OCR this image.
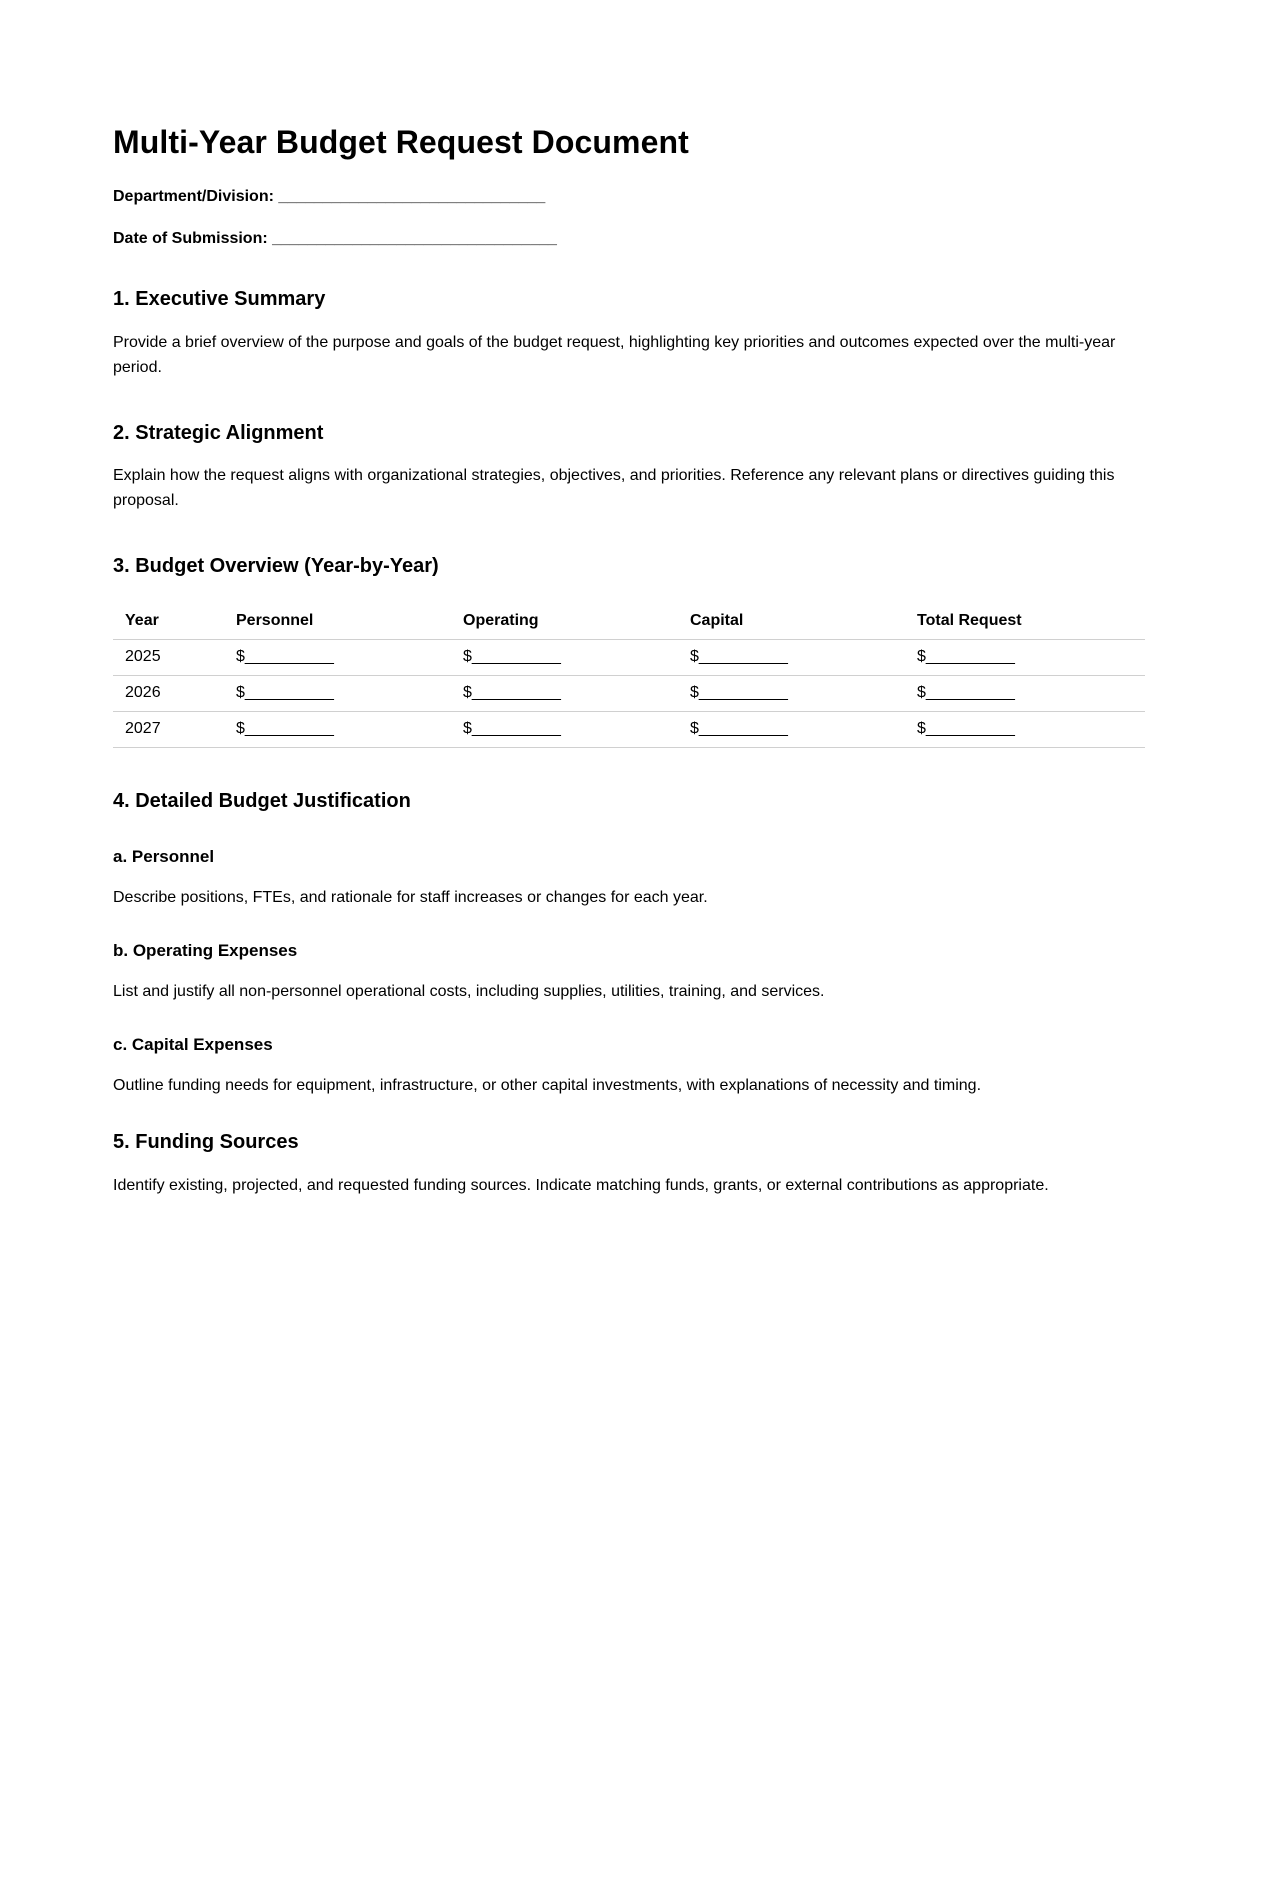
Multi-Year Budget Request Document
Department/Division: ______________________________
Date of Submission: ________________________________
1. Executive Summary

Provide a brief overview of the purpose and goals of the budget request, highlighting key priorities and outcomes expected over the multi-year period.

2. Strategic Alignment

Explain how the request aligns with organizational strategies, objectives, and priorities. Reference any relevant plans or directives guiding this proposal.

3. Budget Overview (Year-by-Year)
Year	Personnel	Operating	Capital	Total Request
2025	$__________	$__________	$__________	$__________
2026	$__________	$__________	$__________	$__________
2027	$__________	$__________	$__________	$__________
4. Detailed Budget Justification
a. Personnel

Describe positions, FTEs, and rationale for staff increases or changes for each year.

b. Operating Expenses

List and justify all non-personnel operational costs, including supplies, utilities, training, and services.

c. Capital Expenses

Outline funding needs for equipment, infrastructure, or other capital investments, with explanations of necessity and timing.

5. Funding Sources

Identify existing, projected, and requested funding sources. Indicate matching funds, grants, or external contributions as appropriate.
